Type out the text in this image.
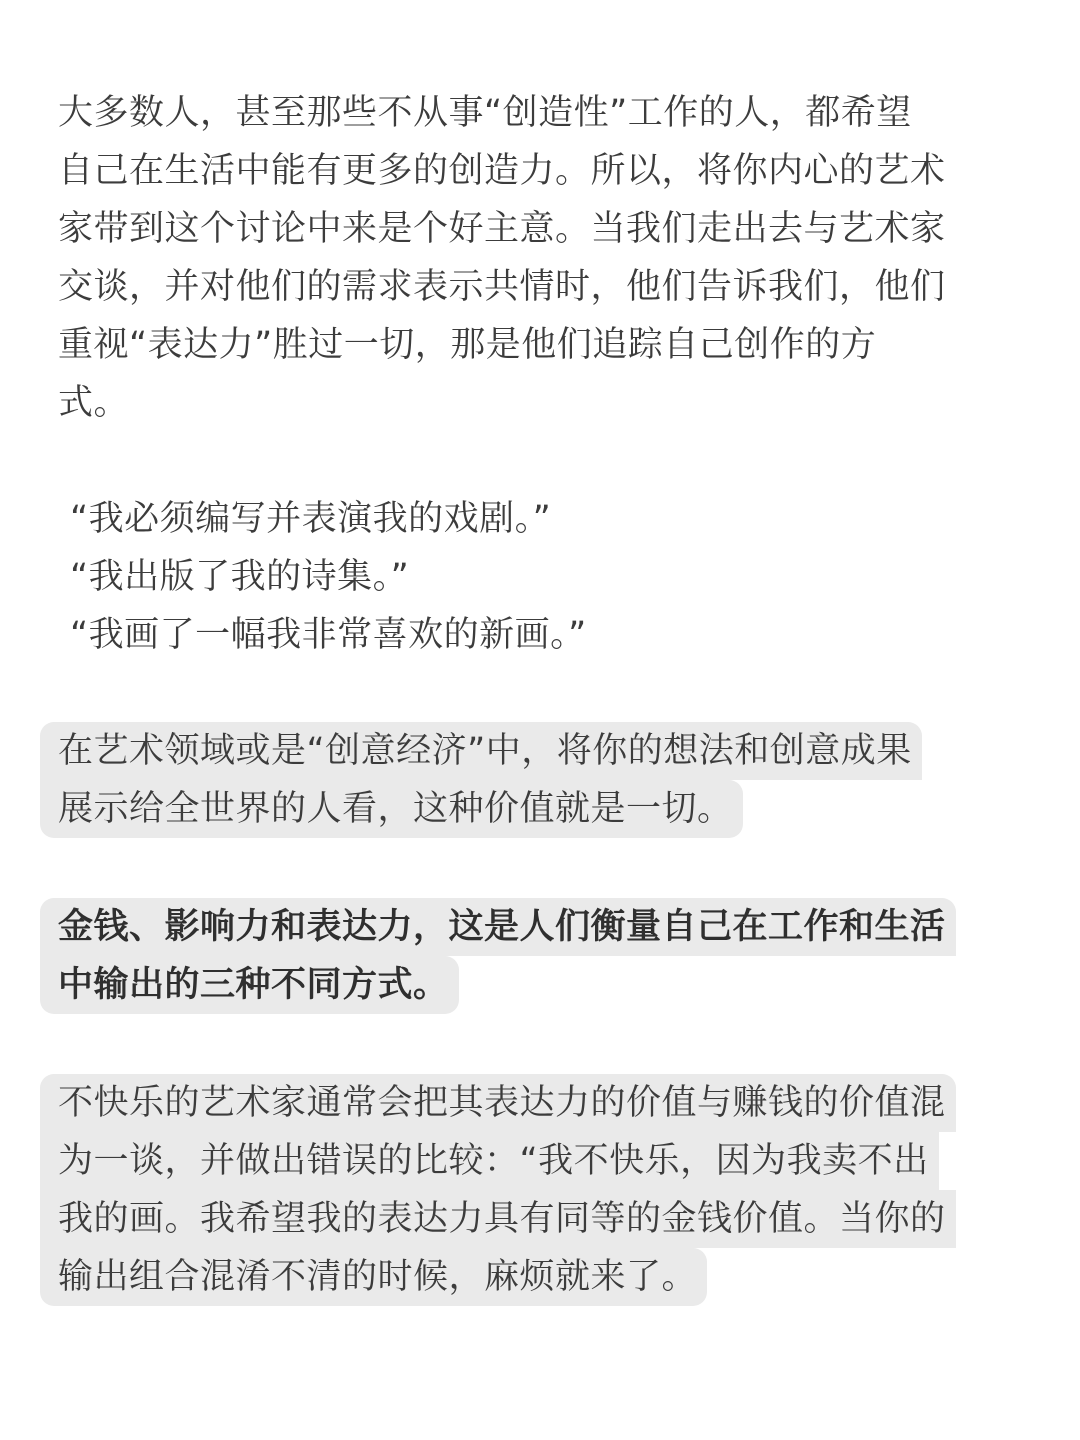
大多数人，甚至那些不从事“创造性”工作的人，都希望
自己在生活中能有更多的创造力。所以，将你内心的艺术
家带到这个讨论中来是个好主意。当我们走出去与艺术家
交谈，并对他们的需求表示共情时，他们告诉我们，他们
重视“表达力”胜过一切，那是他们追踪自己创作的方
式。
“我必须编写并表演我的戏剧。”
“我出版了我的诗集。”
“我画了一幅我非常喜欢的新画。”
在艺术领域或是“创意经济”中，将你的想法和创意成果
展示给全世界的人看，这种价值就是一切。
金钱、影响力和表达力，这是人们衡量自己在工作和生活
中输出的三种不同方式。
不快乐的艺术家通常会把其表达力的价值与赚钱的价值混
为一谈，并做出错误的比较：“我不快乐，因为我卖不出
我的画。我希望我的表达力具有同等的金钱价值。当你的
输出组合混淆不清的时候，麻烦就来了。
